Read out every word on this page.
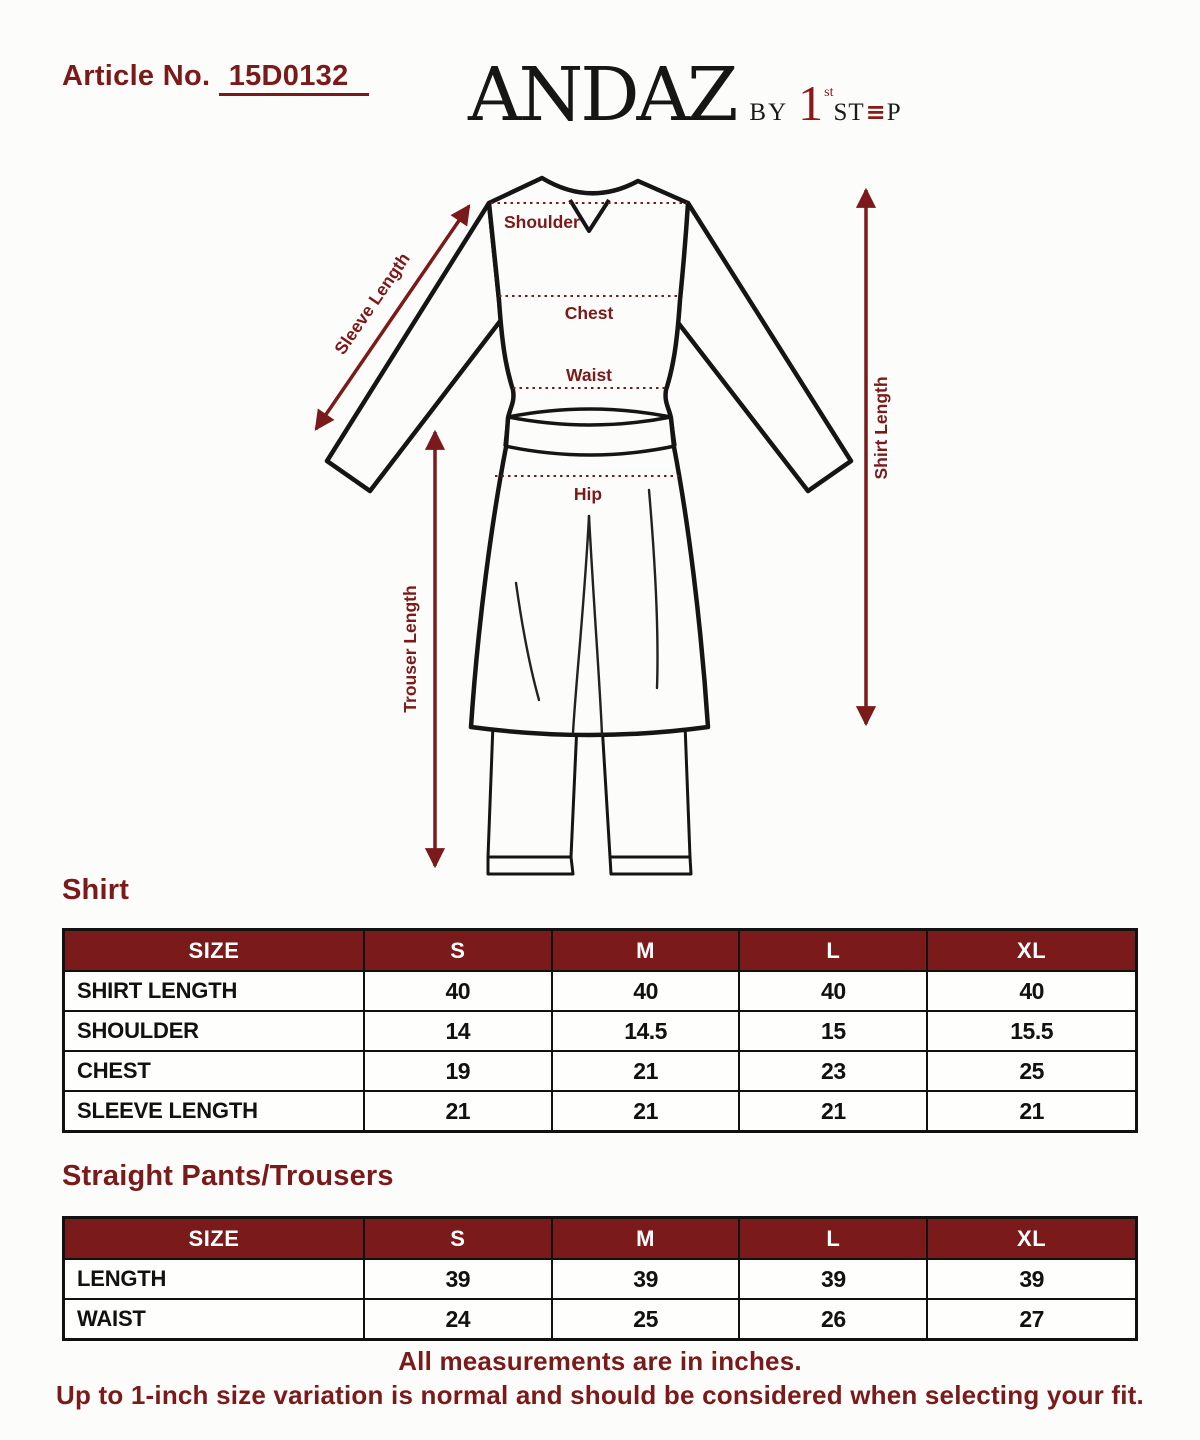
Article No. 15D0132 ANDAZ BY 1 st
ST ≡ P
Shoulder
Chest
Waist
Hip
Sleeve Length
Trouser Length
Shirt Length
Shirt
SIZE	S	M	L	XL
SHIRT LENGTH	40	40	40	40
SHOULDER	14	14.5	15	15.5
CHEST	19	21	23	25
SLEEVE LENGTH	21	21	21	21
Straight Pants/Trousers
SIZE	S	M	L	XL
LENGTH	39	39	39	39
WAIST	24	25	26	27
All measurements are in inches.
Up to 1-inch size variation is normal and should be considered when selecting your fit.
